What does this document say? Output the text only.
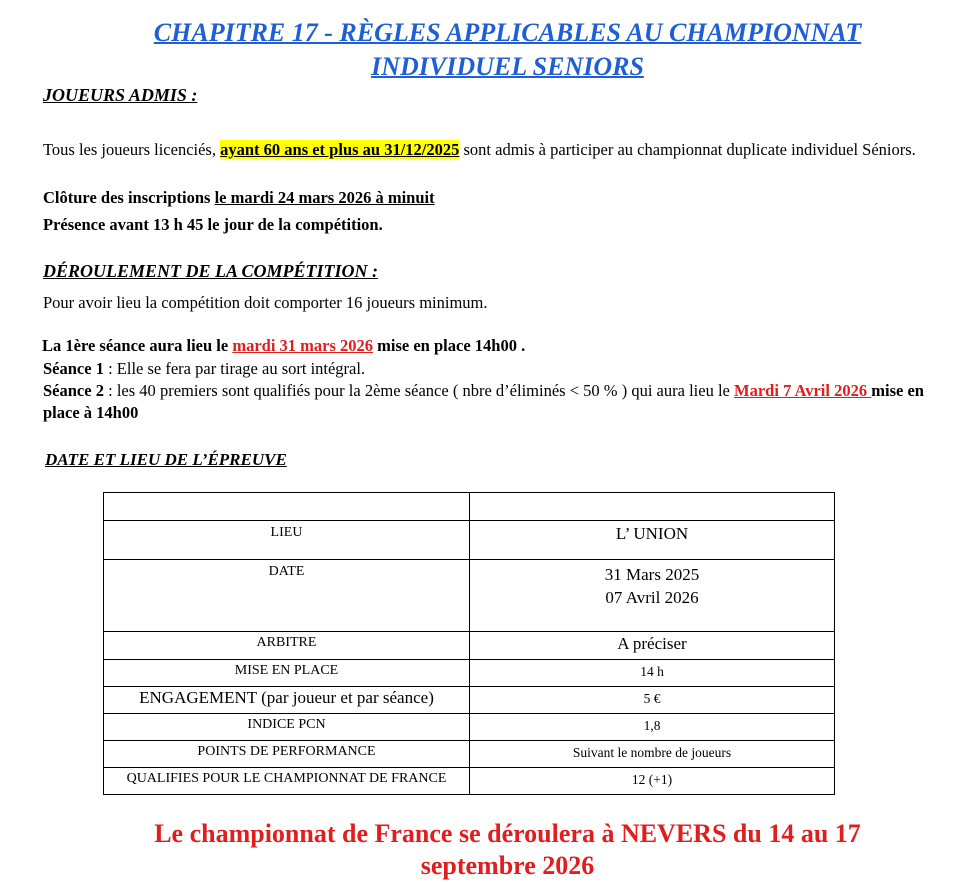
CHAPITRE 17 - RÈGLES APPLICABLES AU CHAMPIONNAT
INDIVIDUEL SENIORS
JOUEURS ADMIS :
Tous les joueurs licenciés, ayant 60 ans et plus au 31/12/2025 sont admis à participer au championnat duplicate individuel Séniors.
Clôture des inscriptions le mardi 24 mars 2026 à minuit
Présence avant 13 h 45 le jour de la compétition.
DÉROULEMENT DE LA COMPÉTITION :
Pour avoir lieu la compétition doit comporter 16 joueurs minimum.
La 1ère séance aura lieu le mardi 31 mars 2026 mise en place 14h00 .
Séance 1 : Elle se fera par tirage au sort intégral.
Séance 2 : les 40 premiers sont qualifiés pour la 2ème séance ( nbre d’éliminés < 50 % ) qui aura lieu le Mardi 7 Avril 2026 mise en place à 14h00
DATE ET LIEU DE L’ÉPREUVE

LIEU	L’ UNION
DATE	31 Mars 2025
07 Avril 2026

ARBITRE	A préciser
MISE EN PLACE	14 h
ENGAGEMENT (par joueur et par séance)	5 €
INDICE PCN	1,8
POINTS DE PERFORMANCE	Suivant le nombre de joueurs
QUALIFIES POUR LE CHAMPIONNAT DE FRANCE	12 (+1)
Le championnat de France se déroulera à NEVERS du 14 au 17
septembre 2026
